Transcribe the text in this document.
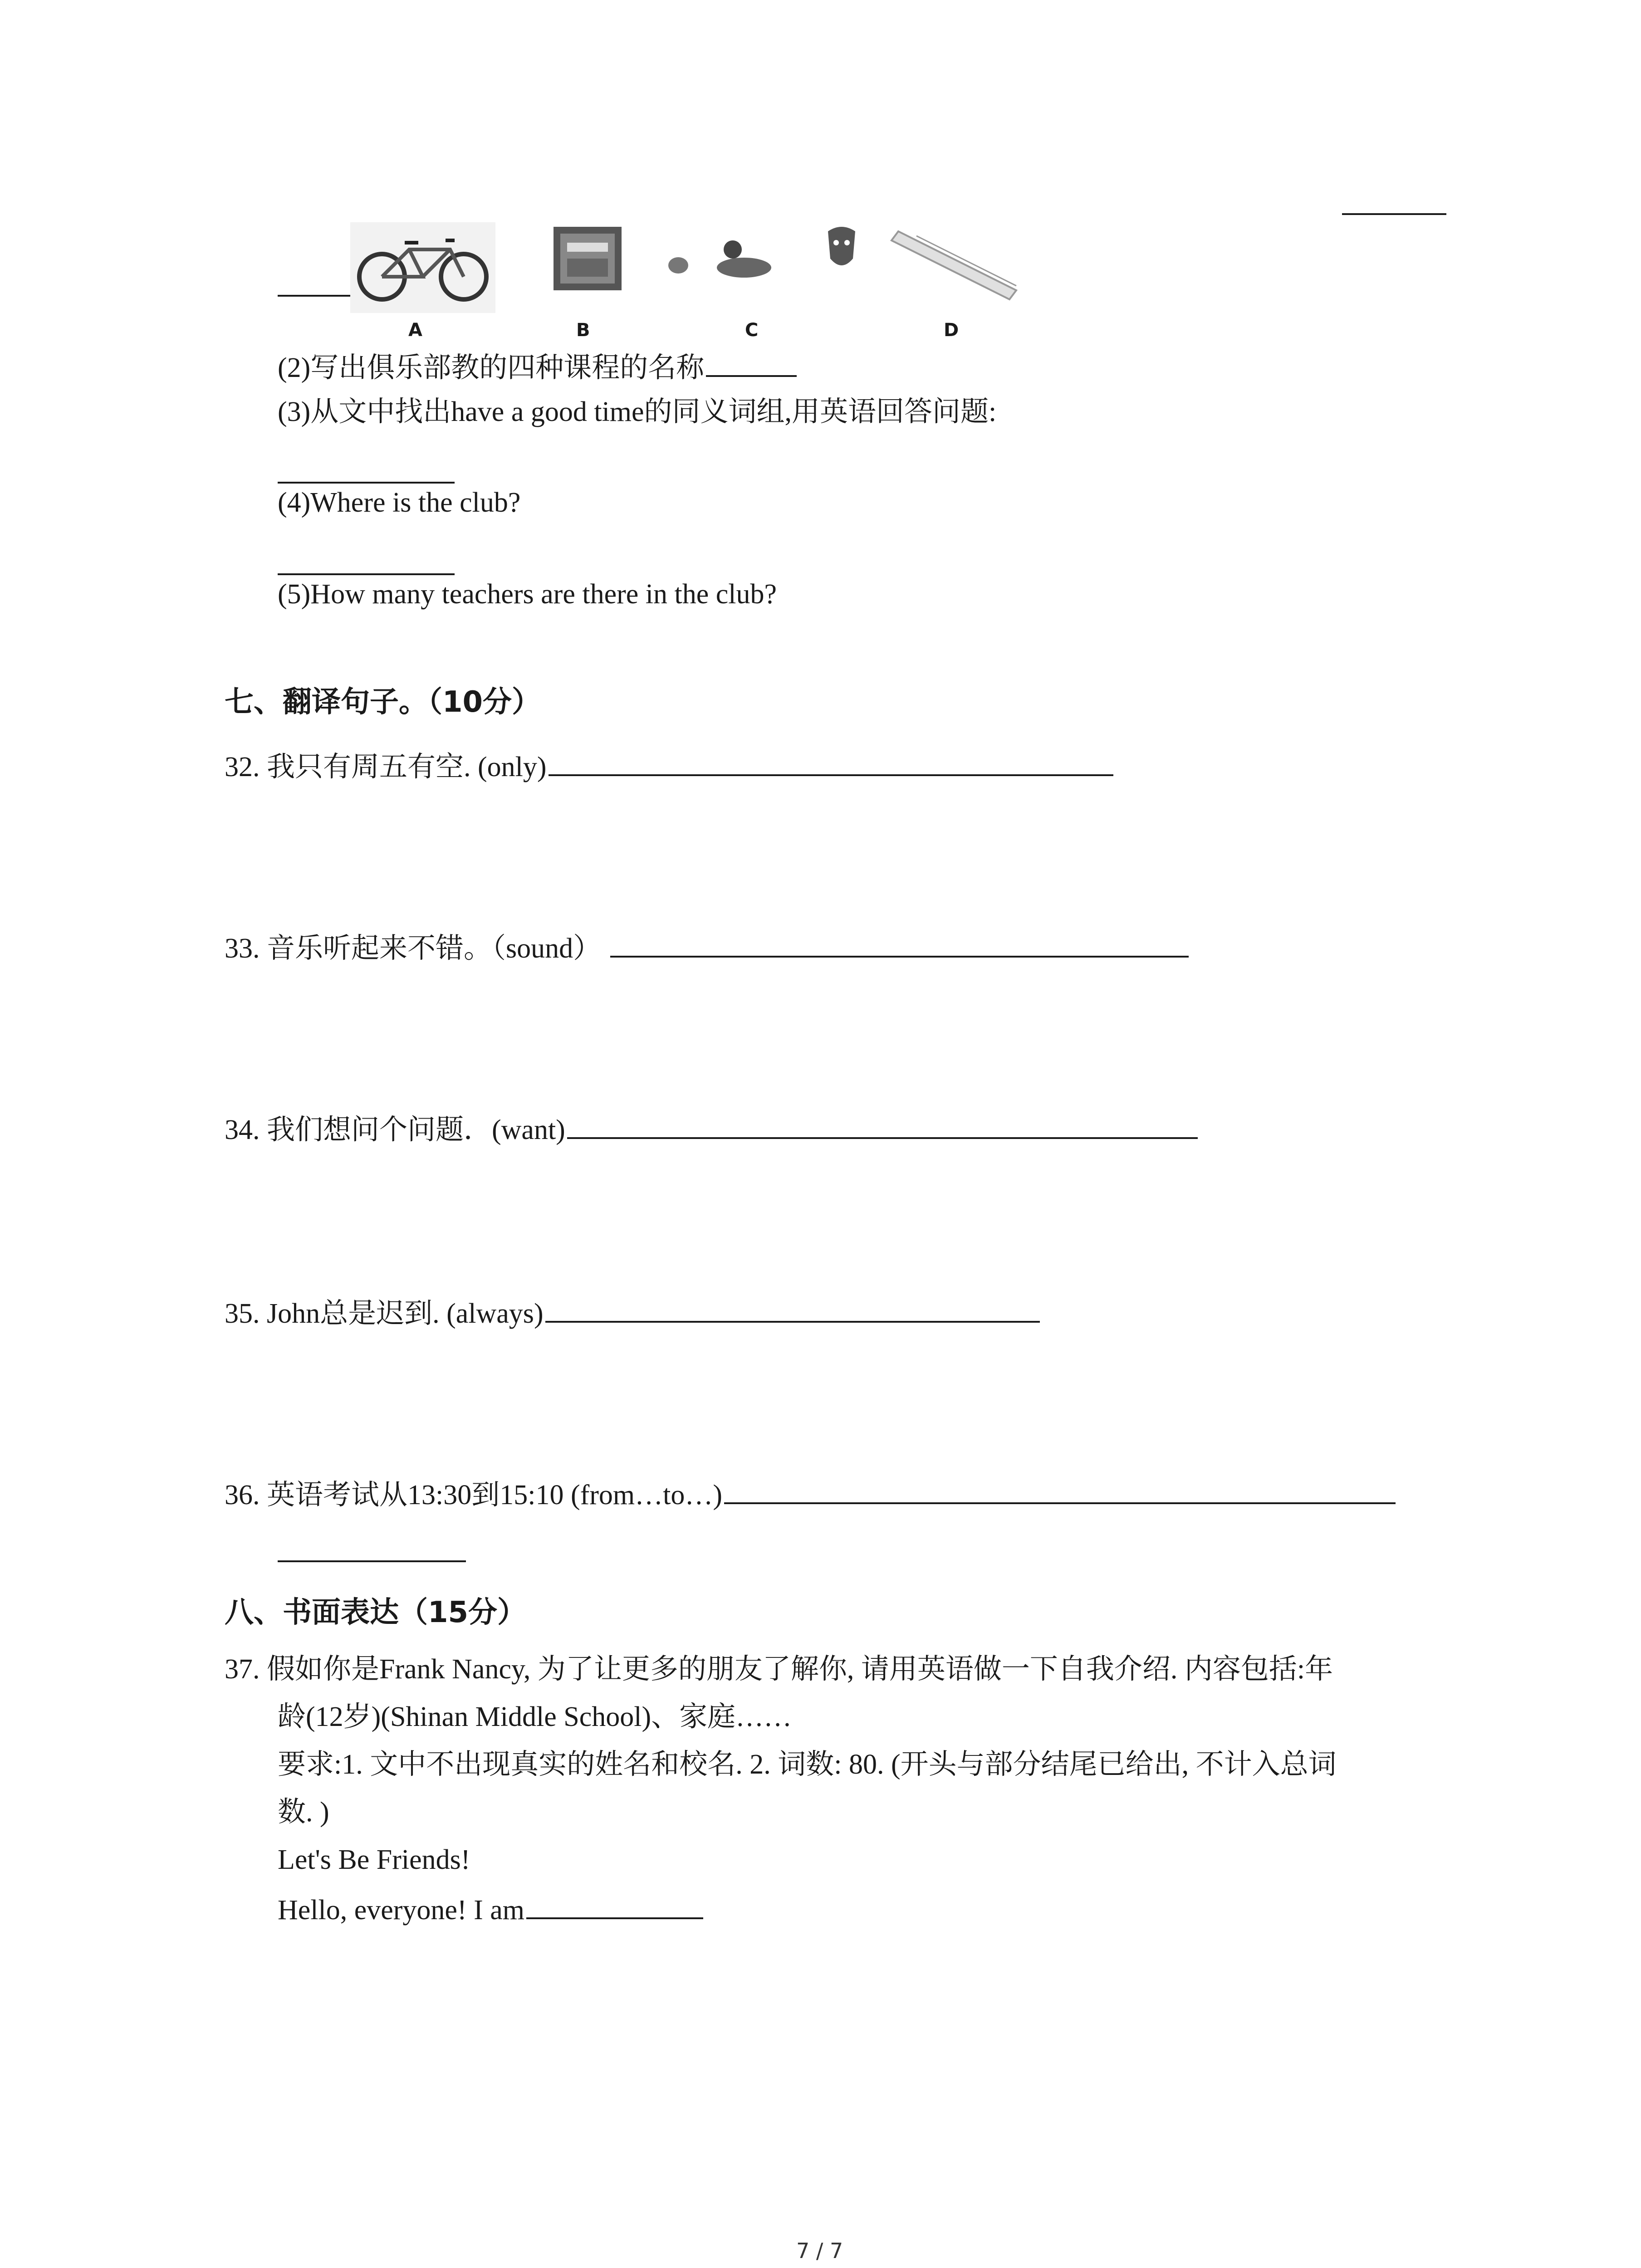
A	B	C	D
(2)写出俱乐部教的四种课程的名称
(3)从文中找出have a good time的同义词组,用英语回答问题:
(4)Where is the club?
(5)How many teachers are there in the club?
七、翻译句子。（10分）
32. 我只有周五有空. (only)
33. 音乐听起来不错。（sound）
34. 我们想问个问题．(want)
35. John总是迟到. (always)
36. 英语考试从13:30到15:10 (from…to…)
八、书面表达（15分）
37. 假如你是Frank Nancy, 为了让更多的朋友了解你, 请用英语做一下自我介绍. 内容包括:年
龄(12岁)(Shinan Middle School)、家庭……
要求:1. 文中不出现真实的姓名和校名. 2. 词数: 80. (开头与部分结尾已给出, 不计入总词
数. )
Let's Be Friends!
Hello, everyone! I am
7 / 7
